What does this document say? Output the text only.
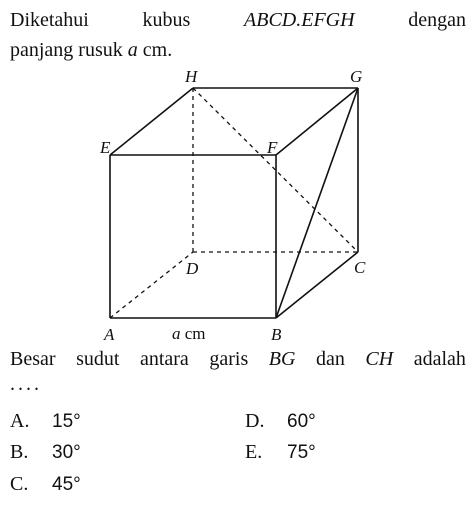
Diketahui	kubus	ABCD.EFGH	dengan
panjang rusuk a cm.
H	G
E	F
D	C
A	B
a cm
Besar sudut antara garis BG dan CH adalah
....
A. 15°
B. 30°
C. 45°
D. 60°
E. 75°
